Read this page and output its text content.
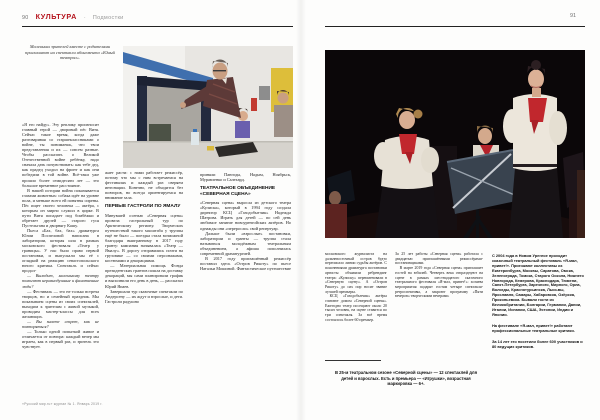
90 КУЛЬТУРА · Подмостки
Маленьких зрителей вместе с родителями приглашают на спектакли абонемента «Юный театрал».

«Я его найду». Эту реплику произносит главный герой — дворовый пёс Витя. Сейчас такое время, когда даже разговаривая со старшеклассниками о войне, ты понимаешь, что твои представления и их — совсем разные. Чтобы рассказать о Великой Отечественной войне ребёнку, надо сначала дать почувствовать: как тебе дед, как прадед уходил на фронт и как они победили в той войне. Всё-таки уже прошло более семидесяти лет — это большое временное расстояние.

В нашей истории война показывается глазами животных: собака идёт на уровне пола, и меньше всего ей понятны сирены. Пёс ищет своего человека — актёра, с которым он мирно служил в цирке. В пути Витя попадает под бомбёжки и обретает друзей — старого гуся Пустельгана и дворнягу Кашу.

Пьеса «Бах, бах, бах» драматурга Юлии Поспеловой написана в лаборатории, которая шла в рамках московского фестиваля «Театр у границы». У нас было право первой постановки, и выпускали мы её с оглядкой на реакцию севастопольского юного критика. Спектакль и сейчас продол-

— Выходит, маленькому театру помогают неравнодушные и фанатичные люди?

— Фестиваль — это не только встреча творцов, но и семейный праздник. Мы показываем сцены из своих спектаклей, выходим к зрителям с живой музыкой, проводим мастер-классы для всех желающих.

— Вы знаете секрет, как не повторяться?

— Только одной попыткой живое и отличается от повтора: каждый вечер мы играем, как в первый раз, и зритель это чувствует.

жает расти: с нами работает режиссёр, потому что мы с ним встречаемся на фестивалях и каждый раз сверяем интонации. Конечно, не обходится без повторов, но всегда ориентируемся на внимание зала.

ПЕРВЫЕ ГАСТРОЛИ ПО ЯМАЛУ

Минувшей осенью «Северная сцена» провела гастрольный тур по Арктическому региону. Творческих путешествий такого масштаба у труппы ещё не было — поездка стала возможной благодаря выигранному в 2017 году гранту: кампания называлась «Театр — Ямалу». В дорогу отправились почти на грузовике — со своими персонажами, костюмами и декорациями.

— Материальная помощь Фонда президентских грантов пошла на доставку декораций, мы сами планировали график и выполнили его день в день, — рассказал Юрий Япаев.

Завершали тур сказочные спектакли по Андерсену — их ждут и взрослые, и дети. Гастроли радушно

приняли Пангоды, Надым, Ноябрьск, Муравленко и Салехард.

ТЕАТРАЛЬНОЕ ОБЪЕДИНЕНИЕ «СЕВЕРНАЯ СЦЕНА»

«Северная сцена» выросла из детского театра «Кулиска», который в 1994 году создала директор КСЦ «Газодобытчик» Надежда Шатрова. Играть для детей — по сей день любимое занятие новоуренгойских актёров. Но однажды они «переросли» свой репертуар.

Дальше были «взрослые» постановки, лаборатории и гранты — труппа стала называться молодёжным театральным объединением, а афиша пополнилась современной драматургией.

В 2017 году приглашённый режиссёр поставил здесь «Остров Рикоту» по пьесе Натальи Мошиной. Фантастическое путешествие

«Русский мир.ru» журнал № 1. Январь 2019 г.
91

московского журналиста на дальневосточный остров будто переписало линии судьбы актёров. С пояснениями драматурга постановки артисты объявили ребрендинг театра: «Кулиску» переименовали в «Северную сцену». А «Остров Рикоту» до сих пор носит звание лучшей премьеры.

КСЦ «Газодобытчик» актёры считают домом «Северной сцены». Ежегодно театр посещают около 20 тысяч человек, на сцене ставится по три спектакля. За всё время состоялось более 60 премьер.

За 25 лет работы «Северная сцена» работала с двадцатью приглашёнными режиссёрами-постановщиками.

В марте 2019 года «Северная сцена» приглашает гостей на юбилей. Четверть века отпразднуют на сцене в рамках шестнадцатого сказочного театрального фестиваля «Я-мал, привет!»: хозяева мероприятия подарят гостям четыре спектакля-ретроспективы, а закроют программу «Пяти вечеров» творческими вечерами.

С 2004 года в Новом Уренгое проходит сказочный театральный фестиваль «Я-мал, привет!». Приезжают коллективы из Екатеринбурга, Москвы, Саратова, Омска, Зеленограда, Томска, Старого Оскола, Нижнего Новгорода, Кемерова, Краснодара, Тюмени, Санкт-Петербурга, Заречного, Мирного, Орла, Вологды, Краснотурьинска, Лысьвы, Ярославля, Самары, Хабаровска, Озёрска, Прокопьевска. Бывали гости из Великобритании, Болгарии, Германии, Дании, Италии, Испании, США, Эстонии, Индии и Японии.

На фестивале «Я-мал, привет!» работают профессиональные театральные критики.

За 14 лет его посетили более 600 участников и 80 ведущих критиков.

В 25-м театральном сезоне «Северной сцены» — 12 спектаклей для детей и взрослых. Есть и премьера — «Игрушки», возрастная маркировка — 6+.
